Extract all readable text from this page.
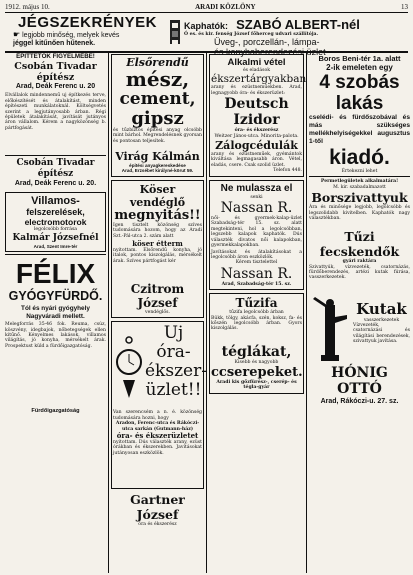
1912. május 10.	ARADI KÖZLÖNY	13
JÉGSZEKRÉNYEK
☛ legjobb minőség, melyek kevés
jéggel kitűnően hűtenek.
Kaphatók: SZABÓ ALBERT-nél
Ó es. és kir. fenség József főherceg udvari szállítója.
Üveg-, porczellán-, lámpa-
és konyhaberendezési üzlet
ÉPITTETŐK FIGYELMÉBE!
Csobán Tivadar építész
Arad, Deák Ferenc u. 20
Elvállalok mindennemű uj építkezés terve, előkészítését és átalakítást, minden építészeti munkálatoknál. Költségvetés szerint a legjutányosabb árban. Régi épületek átalakítását, javítását jutányos áron vállalom. Kérem a nagyközönség b. pártfogását.
Csobán Tivadar építész
Arad, Deák Ferenc u. 20.
Villamos-
felszerelések,
electromotorok
legolcsóbb forrása
Kalmár Józsefnél
Arad, Szent Imre-tér
FÉLIX
GYÓGYFÜRDŐ.
Tól és nyári gyógyhely
Nagyváradi mellett.
Melegforrás 35-46 fok. Reuma, csúz, köszvény, idegbajok, nőbetegségek ellen kitűnő. Kényelmes lakások, villamos világítás, jó konyha, mérsékelt árak. Prospektust küld a fürdőigazgatóság.
Fürdőigazgatóság
Elsőrendű
mész,
cement,
gipsz
és tűzbiztos épitési anyag olcsóbb mint bárhol. Megrendelésnek gyorsan és pontosan teljesítek.
Virág Kálmán
épitési anyagkereskedése
Arad, Erzsébet királyné-körut 59.
Köser vendéglő
megnyitás!!
Igen tisztelt közönség szíves tudomására hozom, hogy az Aradi Szt.-Pál-utca 2. szám alatt
köser étterm
nyitottam. Elsőrendű konyha, jó italok, pontos kiszolgálás, mérsékelt árak. Szíves pártfogást kér
Czitrom József
vendéglős.
Uj óra-
ékszer-
üzlet!!
Van szerencsém a n. é. közönség tudomására hozni, hogy
Aradon, Ferenc-utca és Rákóczi-utca sarkán (Gutmann-ház)
óra- és ékszerüzletet
nyitottam. Dús választék arany, ezüst órákban és ékszerekben. Javításokat jutányosan eszközlök.
Gartner József
óra és ékszerész
Alkalmi vétel
és eladások
ékszertárgyakban
arany és ezüstneműekben. Arad, legnagyobb óra- és ékszerüzlet:
Deutsch Izidor
óra- és ékszerész
Weitzer János-utca. Minorita-palota.
Zálogcédulák
arany és ezüstneműek, gyémántok kiváltása legmagasabb áron. Vétel, eladás, csere. Csak szolid üzlet.
Telefon 448.
Ne mulassza el
senki
Nassan R.
női- és gyermek-kalap-üzlet Szabadság-tér 15. sz. alatt megtekinteni, hol a legolcsóbban, legszebb kalapok kaphatók. Dús választék divatos női kalapokban, gyermekkalapokban.
Javításokat és átalakításokat a legolcsóbb áron eszközlök.
Kérem tisztelettel
Nassan R.
Arad, Szabadság-tér 15. sz.
Tűzifa
tűzifa legolcsóbb árban
Bükk, tölgy, akácfa, szén, koksz, fa- és kőszén legolcsóbb árban. Gyors kiszolgálás.
téglákat,
Kisebb és nagyobb
ccserepeket.
Aradi kis gőzfürész-, cserép- és tégla-gyár
Boros Beni-tér 1a. alatt
2-ik emeleten egy
4 szobás
lakás
cselédi- és fürdőszobával és más szükséges mellékhelyiségekkel augusztus 1-től
kiadó.
Értekezni lehet
Permetlegületek alkalmatára!
M. kir. szabadalmazott
Borszivattyuk
Ára és minősége legjobb, legolcsóbb és legszolidabb kivitelben. Kaphatók nagy választékban.
Tűzi fecskendők
gyári raktára
Szivattyúk, vízvezeték, csatornázás, fürdőberendezés, artézi kutak fúrása, vasszerkezetek.
Kutak
vasszerkezetek
Vízvezeték, csatornázási és világítási berendezések, szivattyuk javítása.
HÓNIG OTTÓ
Arad, Rákóczi-u. 27. sz.
